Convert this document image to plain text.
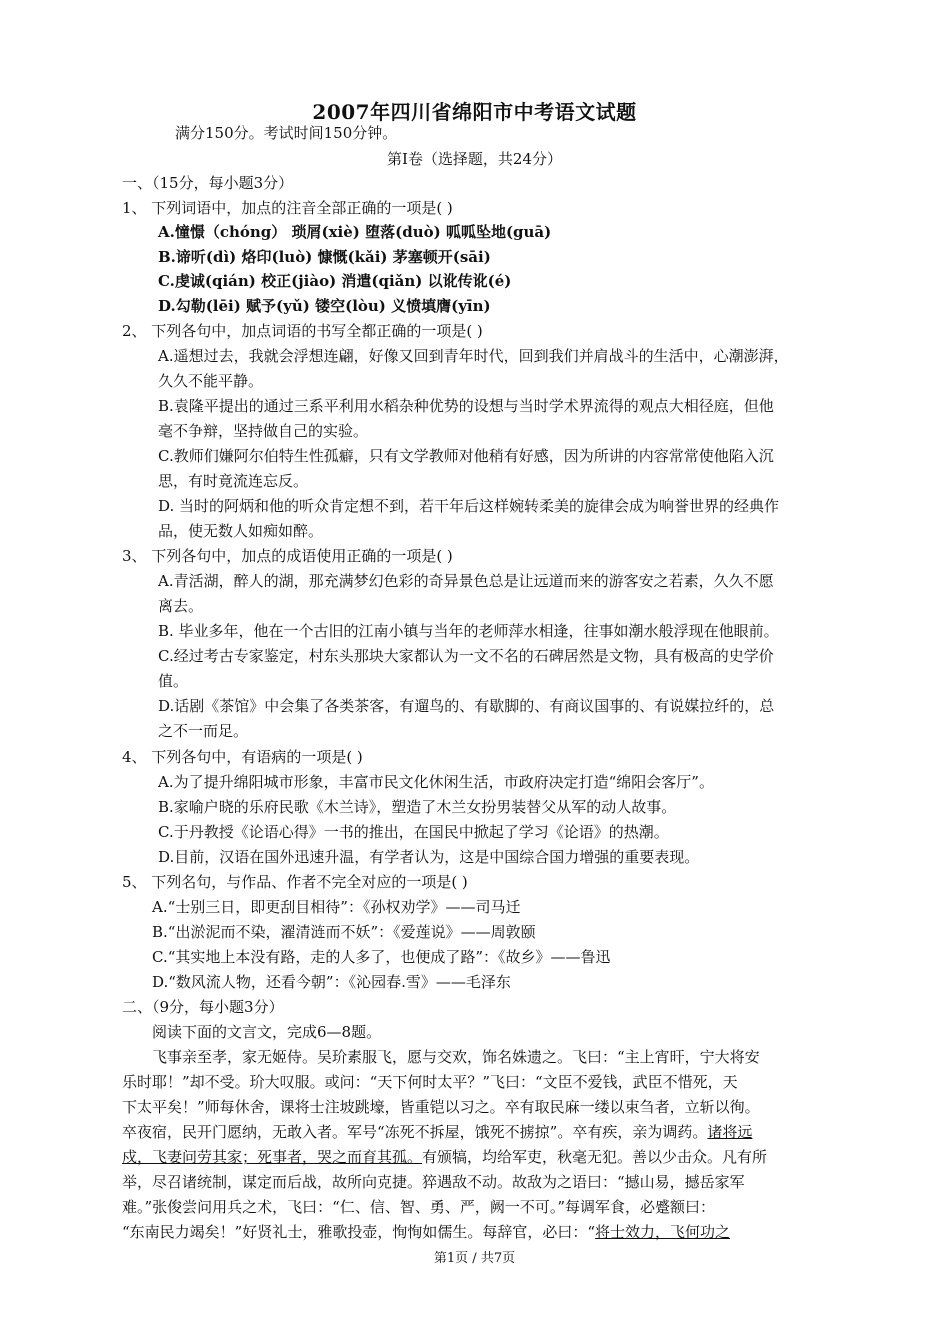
2007年四川省绵阳市中考语文试题
满分150分。考试时间150分钟。
第Ⅰ卷（选择题，共24分）
一、（15分，每小题3分）
1、 下列词语中，加点的注音全部正确的一项是( )
A.憧憬（chóng） 琐屑(xiè) 堕落(duò) 呱呱坠地(guā)
B.谛听(dì) 烙印(luò) 慷慨(kǎi) 茅塞顿开(sāi)
C.虔诚(qián) 校正(jiào) 消遣(qiǎn) 以讹传讹(é)
D.勾勒(lēi) 赋予(yǔ) 镂空(lòu) 义愤填膺(yīn)
2、 下列各句中，加点词语的书写全都正确的一项是( )
A.遥想过去，我就会浮想连翩，好像又回到青年时代，回到我们并肩战斗的生活中，心潮澎湃，
久久不能平静。
B.袁隆平提出的通过三系平利用水稻杂种优势的设想与当时学术界流得的观点大相径庭，但他
毫不争辩，坚持做自己的实验。
C.教师们嫌阿尔伯特生性孤癖，只有文学教师对他稍有好感，因为所讲的内容常常使他陷入沉
思，有时竟流连忘反。
D. 当时的阿炳和他的听众肯定想不到，若干年后这样婉转柔美的旋律会成为响誉世界的经典作
品，使无数人如痴如醉。
3、 下列各句中，加点的成语使用正确的一项是( )
A.青活湖，醉人的湖，那充满梦幻色彩的奇异景色总是让远道而来的游客安之若素，久久不愿
离去。
B. 毕业多年，他在一个古旧的江南小镇与当年的老师萍水相逢，往事如潮水般浮现在他眼前。
C.经过考古专家鉴定，村东头那块大家都认为一文不名的石碑居然是文物，具有极高的史学价
值。
D.话剧《茶馆》中会集了各类茶客，有遛鸟的、有歇脚的、有商议国事的、有说媒拉纤的，总
之不一而足。
4、 下列各句中，有语病的一项是( )
A.为了提升绵阳城市形象，丰富市民文化休闲生活，市政府决定打造“绵阳会客厅”。
B.家喻户晓的乐府民歌《木兰诗》，塑造了木兰女扮男装替父从军的动人故事。
C.于丹教授《论语心得》一书的推出，在国民中掀起了学习《论语》的热潮。
D.目前，汉语在国外迅速升温，有学者认为，这是中国综合国力增强的重要表现。
5、 下列名句，与作品、作者不完全对应的一项是( )
A.“士别三日，即更刮目相待”：《孙权劝学》——司马迁
B.“出淤泥而不染，濯清涟而不妖”：《爱莲说》——周敦颐
C.“其实地上本没有路，走的人多了，也便成了路”：《故乡》——鲁迅
D.“数风流人物，还看今朝”：《沁园春.雪》——毛泽东
二、（9分，每小题3分）
阅读下面的文言文，完成6—8题。
飞事亲至孝，家无姬侍。吴玠素服飞，愿与交欢，饰名姝遗之。飞曰：“主上宵旰，宁大将安
乐时耶！”却不受。玠大叹服。或问：“天下何时太平？”飞曰：“文臣不爱钱，武臣不惜死，天
下太平矣！”师每休舍，课将士注坡跳壕，皆重铠以习之。卒有取民麻一缕以束刍者，立斩以徇。
卒夜宿，民开门愿纳，无敢入者。军号“冻死不拆屋，饿死不掳掠”。卒有疾，亲为调药。诸将远
戍，飞妻问劳其家；死事者，哭之而育其孤。有颁犒，均给军吏，秋毫无犯。善以少击众。凡有所
举，尽召诸统制，谋定而后战，故所向克捷。猝遇敌不动。故敌为之语曰：“撼山易，撼岳家军
难。”张俊尝问用兵之术，飞曰：“仁、信、智、勇、严，阙一不可。”每调军食，必蹙额曰：
“东南民力竭矣！”好贤礼士，雅歌投壶，恂恂如儒生。每辞官，必曰：“将士效力，飞何功之
第1页 / 共7页
